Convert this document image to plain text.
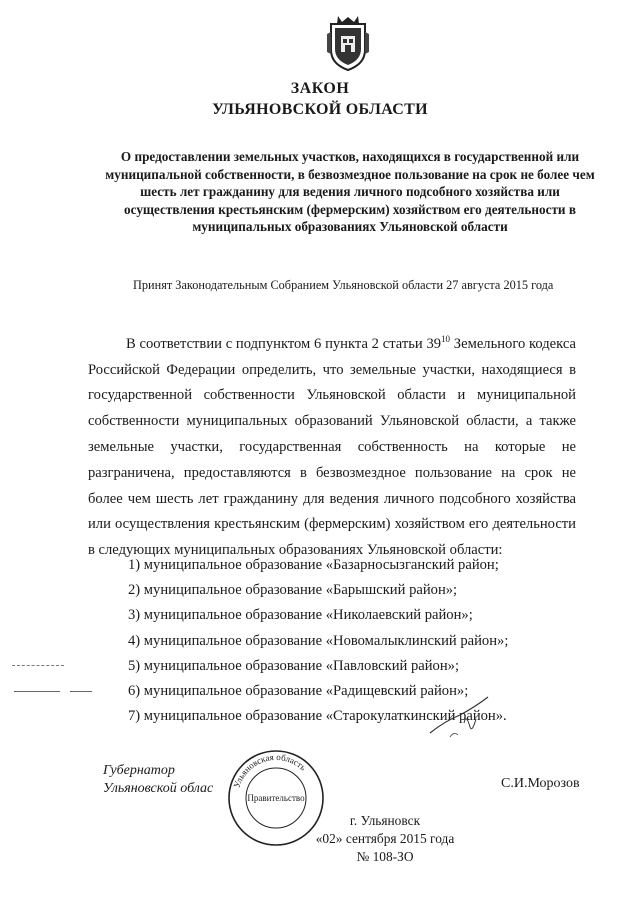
ЗАКОН
УЛЬЯНОВСКОЙ ОБЛАСТИ
О предоставлении земельных участков, находящихся в государственной или муниципальной собственности, в безвозмездное пользование на срок не более чем шесть лет гражданину для ведения личного подсобного хозяйства или осуществления крестьянским (фермерским) хозяйством его деятельности в муниципальных образованиях Ульяновской области
Принят Законодательным Собранием Ульяновской области 27 августа 2015 года
В соответствии с подпунктом 6 пункта 2 статьи $39^{10}$ Земельного кодекса Российской Федерации определить, что земельные участки, находящиеся в государственной собственности Ульяновской области и муниципальной собственности муниципальных образований Ульяновской области, а также земельные участки, государственная собственность на которые не разграничена, предоставляются в безвозмездное пользование на срок не более чем шесть лет гражданину для ведения личного подсобного хозяйства или осуществления крестьянским (фермерским) хозяйством его деятельности в следующих муниципальных образованиях Ульяновской области:
1) муниципальное образование «Базарносызганский район;
2) муниципальное образование «Барышский район»;
3) муниципальное образование «Николаевский район»;
4) муниципальное образование «Новомалыклинский район»;
5) муниципальное образование «Павловский район»;
6) муниципальное образование «Радищевский район»;
7) муниципальное образование «Старокулаткинский район».
Губернатор
Ульяновской облас Ульяновская область
Правительство
С.И.Морозов
г. Ульяновск
«02» сентября 2015 года
№ 108-ЗО
